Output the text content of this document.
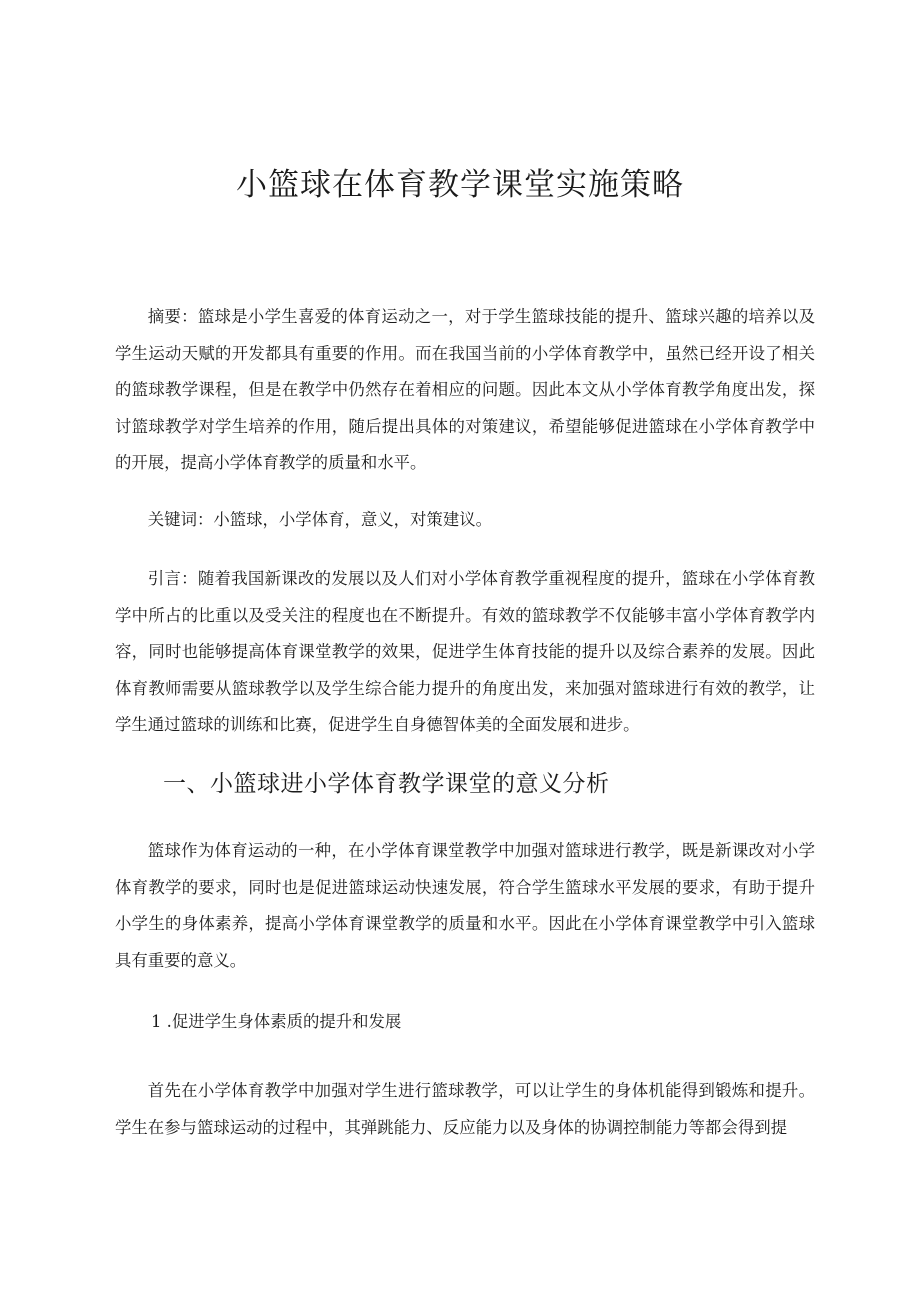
小篮球在体育教学课堂实施策略

摘要：篮球是小学生喜爱的体育运动之一，对于学生篮球技能的提升、篮球兴趣的培养以及学生运动天赋的开发都具有重要的作用。而在我国当前的小学体育教学中，虽然已经开设了相关的篮球教学课程，但是在教学中仍然存在着相应的问题。因此本文从小学体育教学角度出发，探讨篮球教学对学生培养的作用，随后提出具体的对策建议，希望能够促进篮球在小学体育教学中的开展，提高小学体育教学的质量和水平。

关键词：小篮球，小学体育，意义，对策建议。

引言：随着我国新课改的发展以及人们对小学体育教学重视程度的提升，篮球在小学体育教学中所占的比重以及受关注的程度也在不断提升。有效的篮球教学不仅能够丰富小学体育教学内容，同时也能够提高体育课堂教学的效果，促进学生体育技能的提升以及综合素养的发展。因此体育教师需要从篮球教学以及学生综合能力提升的角度出发，来加强对篮球进行有效的教学，让学生通过篮球的训练和比赛，促进学生自身德智体美的全面发展和进步。

一、小篮球进小学体育教学课堂的意义分析

篮球作为体育运动的一种，在小学体育课堂教学中加强对篮球进行教学，既是新课改对小学体育教学的要求，同时也是促进篮球运动快速发展，符合学生篮球水平发展的要求，有助于提升小学生的身体素养，提高小学体育课堂教学的质量和水平。因此在小学体育课堂教学中引入篮球具有重要的意义。

1 .促进学生身体素质的提升和发展

首先在小学体育教学中加强对学生进行篮球教学，可以让学生的身体机能得到锻炼和提升。学生在参与篮球运动的过程中，其弹跳能力、反应能力以及身体的协调控制能力等都会得到提
